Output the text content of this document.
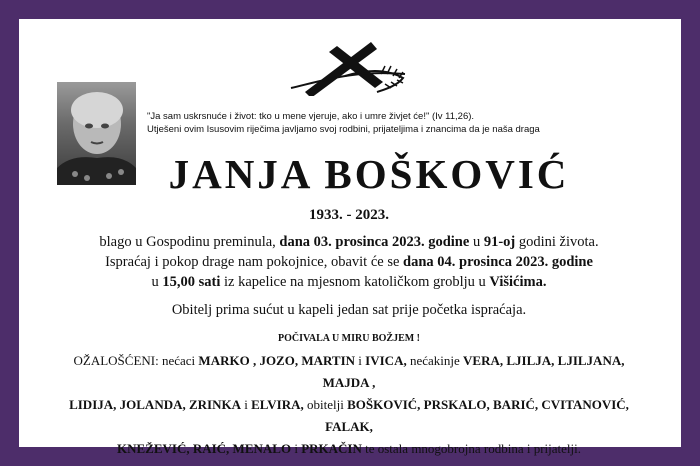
"Ja sam uskrsnuće i život: tko u mene vjeruje, ako i umre živjet će!" (Iv 11,26).
Utješeni ovim Isusovim riječima javljamo svoj rodbini, prijateljima i znancima da je naša draga
JANJA BOŠKOVIĆ
1933. - 2023.
blago u Gospodinu preminula, dana 03. prosinca 2023. godine u 91-oj godini života.
Ispraćaj i pokop drage nam pokojnice, obavit će se dana 04. prosinca 2023. godine
u 15,00 sati iz kapelice na mjesnom katoličkom groblju u Višićima.
Obitelj prima sućut u kapeli jedan sat prije početka ispraćaja.
POČIVALA U MIRU BOŽJEM !
OŽALOŠĆENI: nećaci MARKO , JOZO, MARTIN i IVICA, nećakinje VERA, LJILJA, LJILJANA, MAJDA ,
LIDIJA, JOLANDA, ZRINKA i ELVIRA, obitelji BOŠKOVIĆ, PRSKALO, BARIĆ, CVITANOVIĆ, FALAK,
KNEŽEVIĆ, RAIĆ, MENALO i PRKAČIN te ostala mnogobrojna rodbina i prijatelji.
